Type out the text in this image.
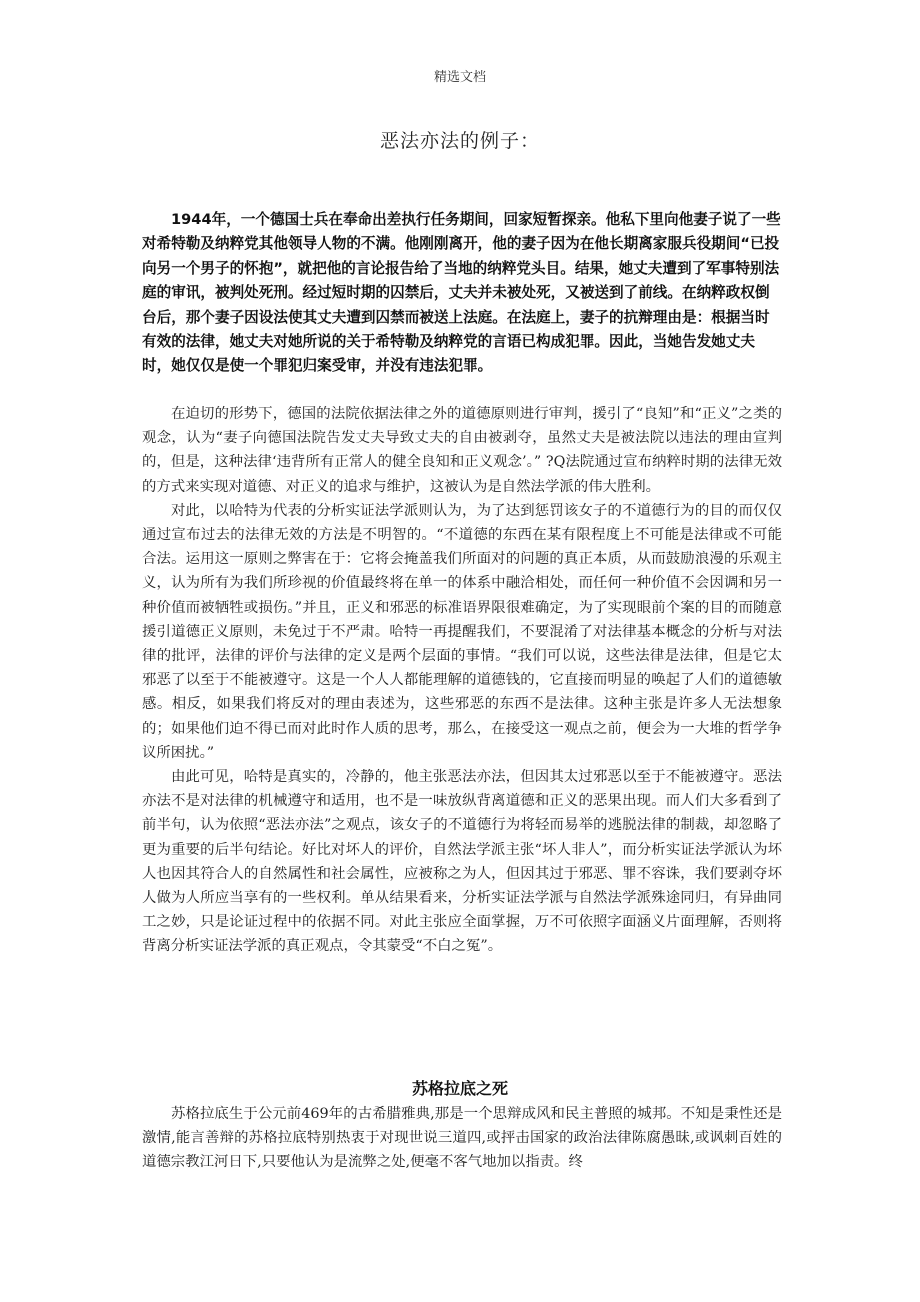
精选文档
恶法亦法的例子：

1944年，一个德国士兵在奉命出差执行任务期间，回家短暂探亲。他私下里向他妻子说了一些对希特勒及纳粹党其他领导人物的不满。他刚刚离开，他的妻子因为在他长期离家服兵役期间“已投向另一个男子的怀抱”，就把他的言论报告给了当地的纳粹党头目。结果，她丈夫遭到了军事特别法庭的审讯，被判处死刑。经过短时期的囚禁后，丈夫并未被处死，又被送到了前线。在纳粹政权倒台后，那个妻子因设法使其丈夫遭到囚禁而被送上法庭。在法庭上，妻子的抗辩理由是：根据当时有效的法律，她丈夫对她所说的关于希特勒及纳粹党的言语已构成犯罪。因此，当她告发她丈夫时，她仅仅是使一个罪犯归案受审，并没有违法犯罪。

在迫切的形势下，德国的法院依据法律之外的道德原则进行审判，援引了“良知”和“正义”之类的观念，认为“妻子向德国法院告发丈夫导致丈夫的自由被剥夺，虽然丈夫是被法院以违法的理由宣判的，但是，这种法律‘违背所有正常人的健全良知和正义观念’。” ?Q法院通过宣布纳粹时期的法律无效的方式来实现对道德、对正义的追求与维护，这被认为是自然法学派的伟大胜利。

对此，以哈特为代表的分析实证法学派则认为，为了达到惩罚该女子的不道德行为的目的而仅仅通过宣布过去的法律无效的方法是不明智的。“不道德的东西在某有限程度上不可能是法律或不可能合法。运用这一原则之弊害在于：它将会掩盖我们所面对的问题的真正本质，从而鼓励浪漫的乐观主义，认为所有为我们所珍视的价值最终将在单一的体系中融洽相处，而任何一种价值不会因调和另一种价值而被牺牲或损伤。”并且，正义和邪恶的标准语界限很难确定，为了实现眼前个案的目的而随意援引道德正义原则，未免过于不严肃。哈特一再提醒我们，不要混淆了对法律基本概念的分析与对法律的批评，法律的评价与法律的定义是两个层面的事情。“我们可以说，这些法律是法律，但是它太邪恶了以至于不能被遵守。这是一个人人都能理解的道德钱的，它直接而明显的唤起了人们的道德敏感。相反，如果我们将反对的理由表述为，这些邪恶的东西不是法律。这种主张是许多人无法想象的；如果他们迫不得已而对此时作人质的思考，那么，在接受这一观点之前，便会为一大堆的哲学争议所困扰。”

由此可见，哈特是真实的，冷静的，他主张恶法亦法，但因其太过邪恶以至于不能被遵守。恶法亦法不是对法律的机械遵守和适用，也不是一味放纵背离道德和正义的恶果出现。而人们大多看到了前半句，认为依照“恶法亦法”之观点，该女子的不道德行为将轻而易举的逃脱法律的制裁，却忽略了更为重要的后半句结论。好比对坏人的评价，自然法学派主张“坏人非人”，而分析实证法学派认为坏人也因其符合人的自然属性和社会属性，应被称之为人，但因其过于邪恶、罪不容诛，我们要剥夺坏人做为人所应当享有的一些权利。单从结果看来，分析实证法学派与自然法学派殊途同归，有异曲同工之妙，只是论证过程中的依据不同。对此主张应全面掌握，万不可依照字面涵义片面理解，否则将背离分析实证法学派的真正观点，令其蒙受“不白之冤”。

苏格拉底之死

苏格拉底生于公元前469年的古希腊雅典,那是一个思辩成风和民主普照的城邦。不知是秉性还是激情,能言善辩的苏格拉底特别热衷于对现世说三道四,或抨击国家的政治法律陈腐愚昧,或讽刺百姓的道德宗教江河日下,只要他认为是流弊之处,便毫不客气地加以指责。终
